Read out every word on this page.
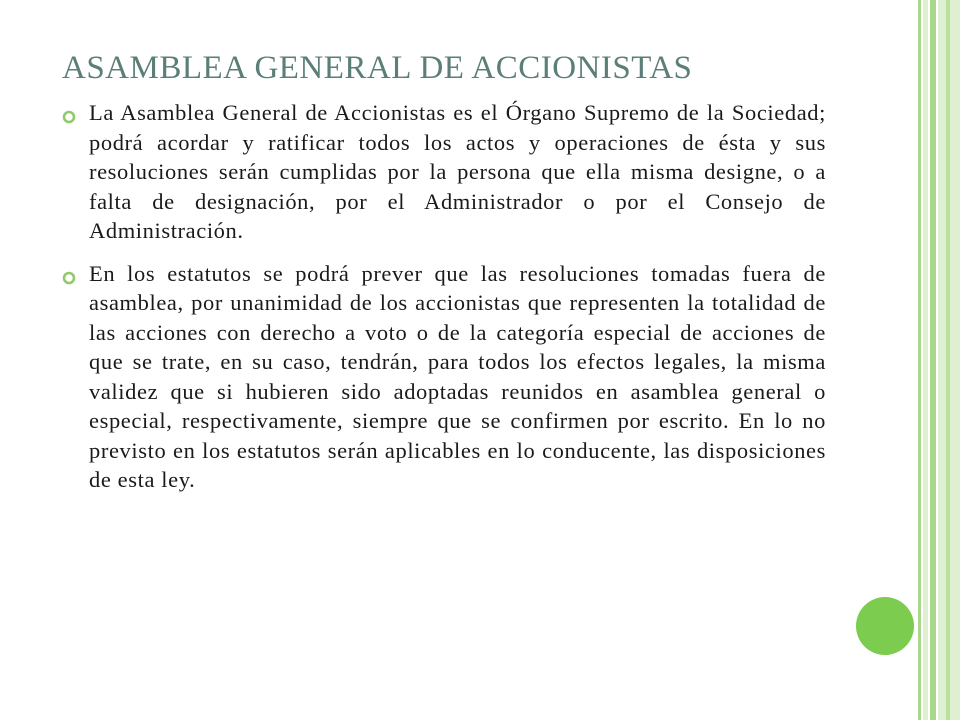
ASAMBLEA GENERAL DE ACCIONISTAS
La Asamblea General de Accionistas es el Órgano Supremo de la Sociedad; podrá acordar y ratificar todos los actos y operaciones de ésta y sus resoluciones serán cumplidas por la persona que ella misma designe, o a falta de designación, por el Administrador o por el Consejo de Administración.
En los estatutos se podrá prever que las resoluciones tomadas fuera de asamblea, por unanimidad de los accionistas que representen la totalidad de las acciones con derecho a voto o de la categoría especial de acciones de que se trate, en su caso, tendrán, para todos los efectos legales, la misma validez que si hubieren sido adoptadas reunidos en asamblea general o especial, respectivamente, siempre que se confirmen por escrito. En lo no previsto en los estatutos serán aplicables en lo conducente, las disposiciones de esta ley.
